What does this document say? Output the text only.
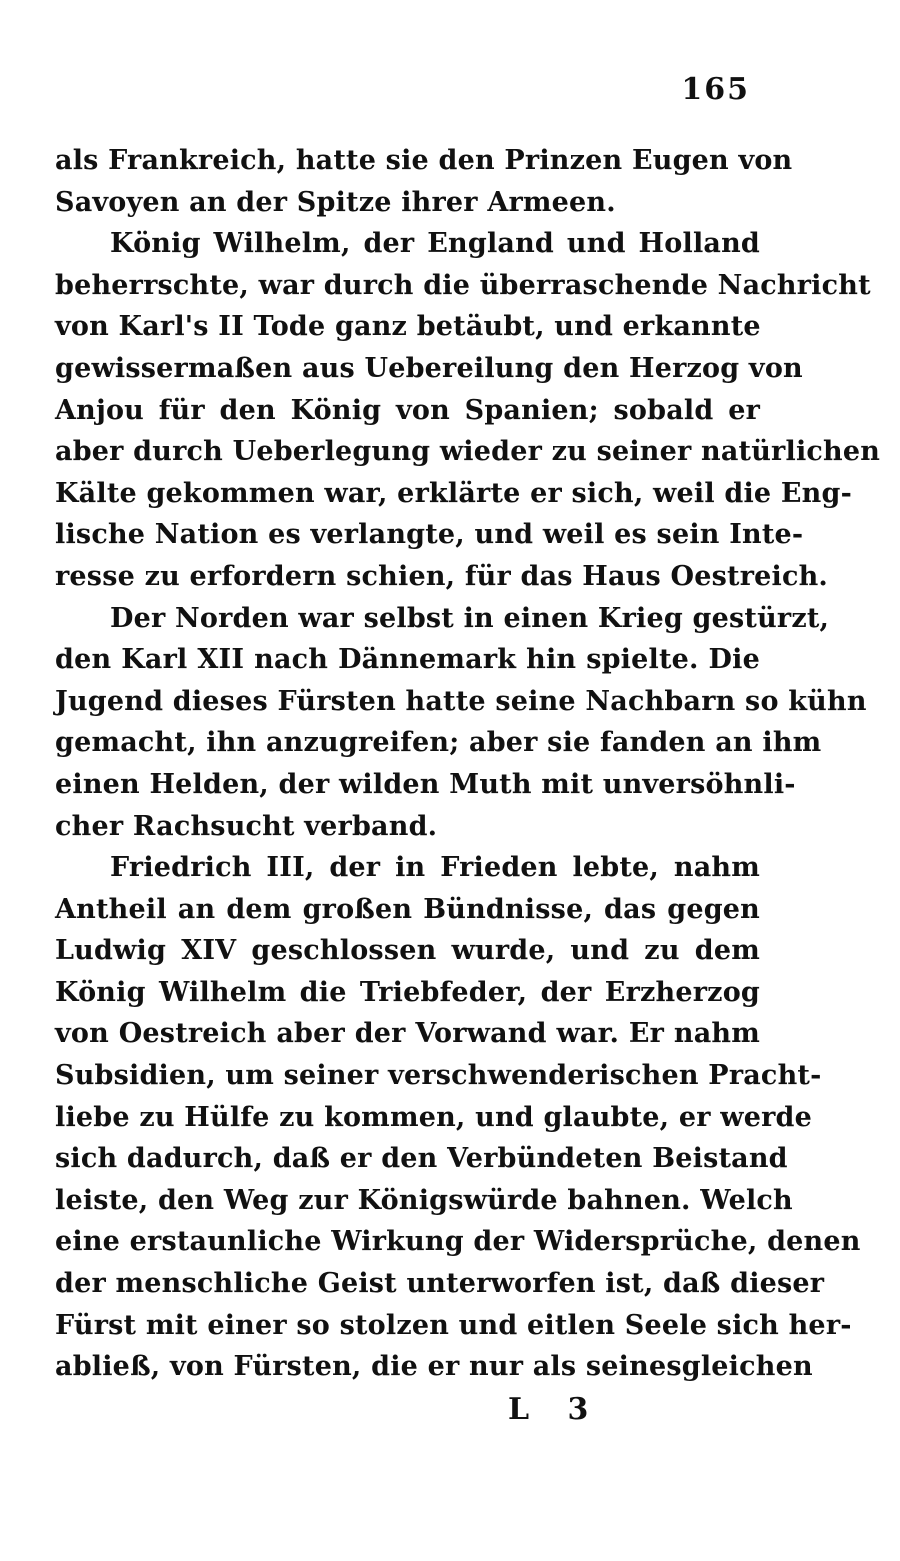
165
als Frankreich, hatte sie den Prinzen Eugen von
Savoyen an der Spitze ihrer Armeen.
König Wilhelm, der England und Holland
beherrschte, war durch die überraschende Nachricht
von Karl's II Tode ganz betäubt, und erkannte
gewissermaßen aus Uebereilung den Herzog von
Anjou für den König von Spanien; sobald er
aber durch Ueberlegung wieder zu seiner natürlichen
Kälte gekommen war, erklärte er sich, weil die Eng-
lische Nation es verlangte, und weil es sein Inte-
resse zu erfordern schien, für das Haus Oestreich.
Der Norden war selbst in einen Krieg gestürzt,
den Karl XII nach Dännemark hin spielte. Die
Jugend dieses Fürsten hatte seine Nachbarn so kühn
gemacht, ihn anzugreifen; aber sie fanden an ihm
einen Helden, der wilden Muth mit unversöhnli-
cher Rachsucht verband.
Friedrich III, der in Frieden lebte, nahm
Antheil an dem großen Bündnisse, das gegen
Ludwig XIV geschlossen wurde, und zu dem
König Wilhelm die Triebfeder, der Erzherzog
von Oestreich aber der Vorwand war. Er nahm
Subsidien, um seiner verschwenderischen Pracht-
liebe zu Hülfe zu kommen, und glaubte, er werde
sich dadurch, daß er den Verbündeten Beistand
leiste, den Weg zur Königswürde bahnen. Welch
eine erstaunliche Wirkung der Widersprüche, denen
der menschliche Geist unterworfen ist, daß dieser
Fürst mit einer so stolzen und eitlen Seele sich her-
abließ, von Fürsten, die er nur als seinesgleichen
L 3
